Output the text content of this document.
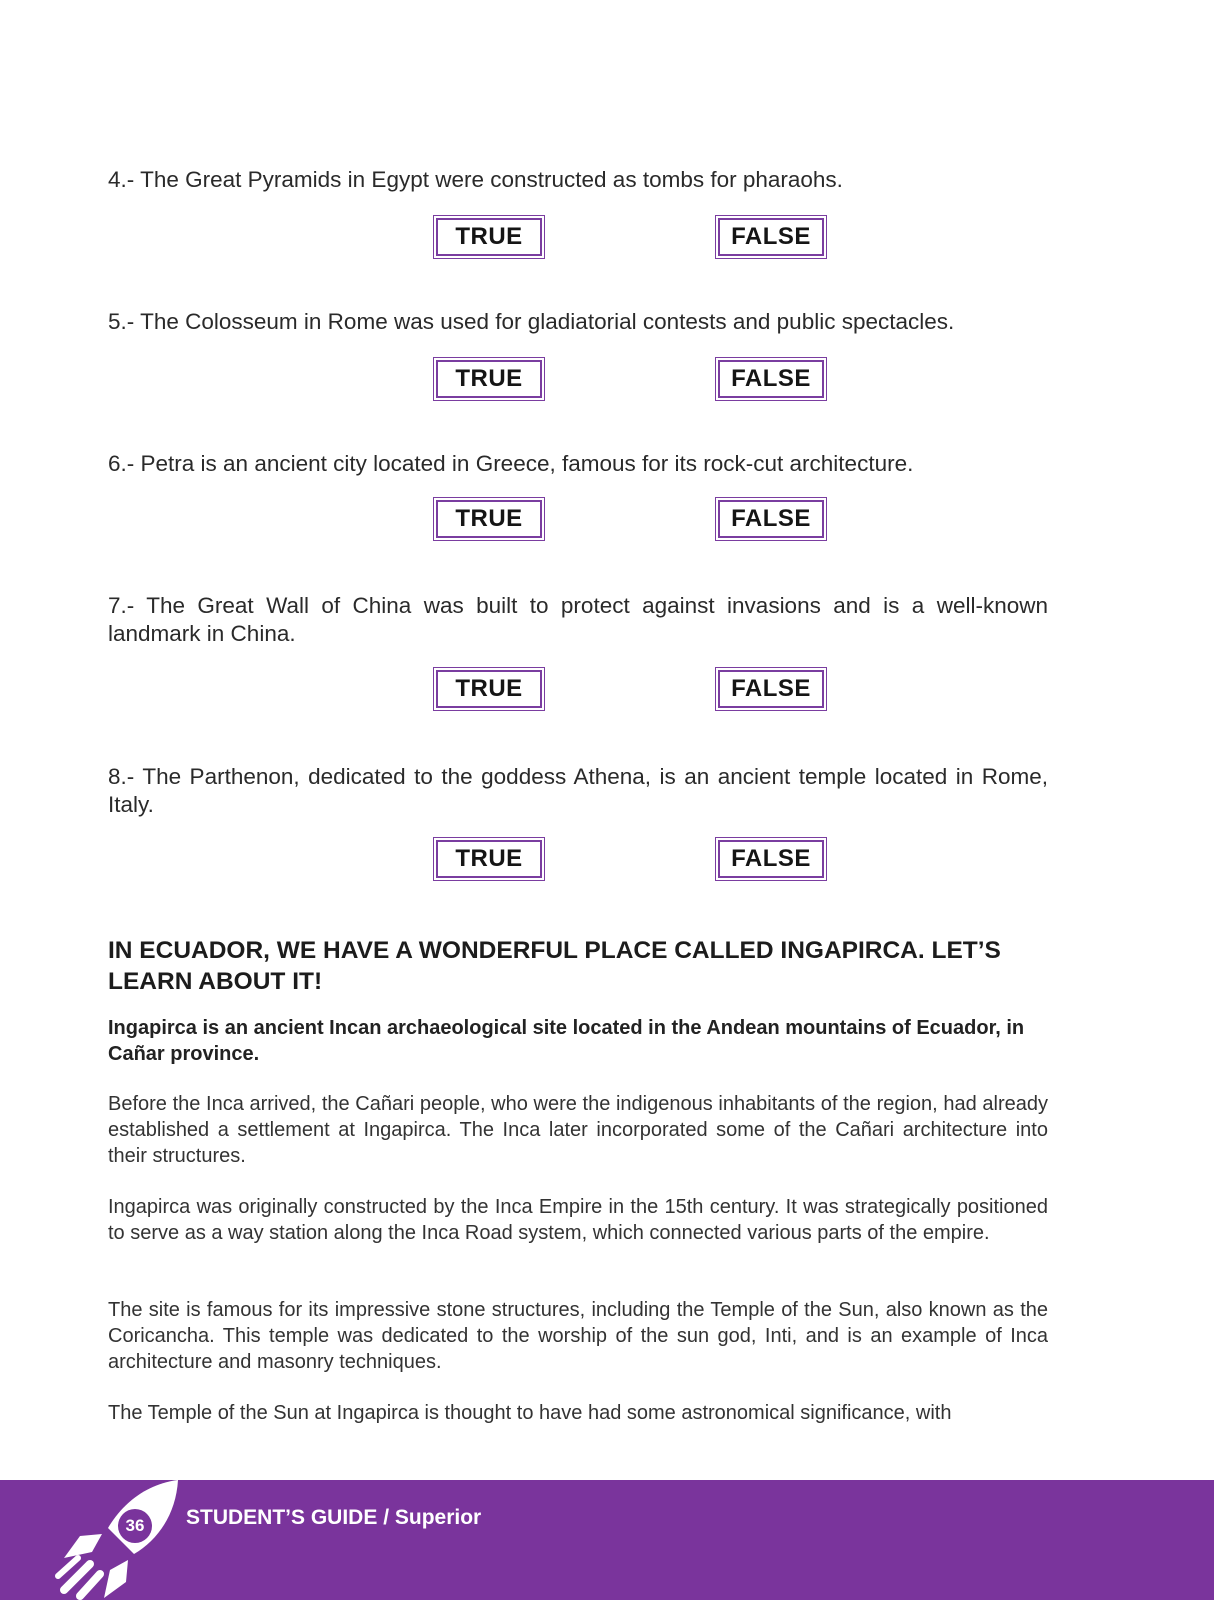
4.- The Great Pyramids in Egypt were constructed as tombs for pharaohs.
TRUE	FALSE
5.- The Colosseum in Rome was used for gladiatorial contests and public spectacles.
TRUE	FALSE
6.- Petra is an ancient city located in Greece, famous for its rock-cut architecture.
TRUE	FALSE
7.- The Great Wall of China was built to protect against invasions and is a well-known landmark in China.
TRUE	FALSE
8.- The Parthenon, dedicated to the goddess Athena, is an ancient temple located in Rome, Italy.
TRUE	FALSE
IN ECUADOR, WE HAVE A WONDERFUL PLACE CALLED INGAPIRCA. LET’S LEARN ABOUT IT!
Ingapirca is an ancient Incan archaeological site located in the Andean mountains of Ecuador, in Cañar province.
Before the Inca arrived, the Cañari people, who were the indigenous inhabitants of the region, had already established a settlement at Ingapirca. The Inca later incorporated some of the Cañari architecture into their structures.
Ingapirca was originally constructed by the Inca Empire in the 15th century. It was strategically positioned to serve as a way station along the Inca Road system, which connected various parts of the empire.
The site is famous for its impressive stone structures, including the Temple of the Sun, also known as the Coricancha. This temple was dedicated to the worship of the sun god, Inti, and is an example of Inca architecture and masonry techniques.
The Temple of the Sun at Ingapirca is thought to have had some astronomical significance, with
36	STUDENT’S GUIDE / Superior
